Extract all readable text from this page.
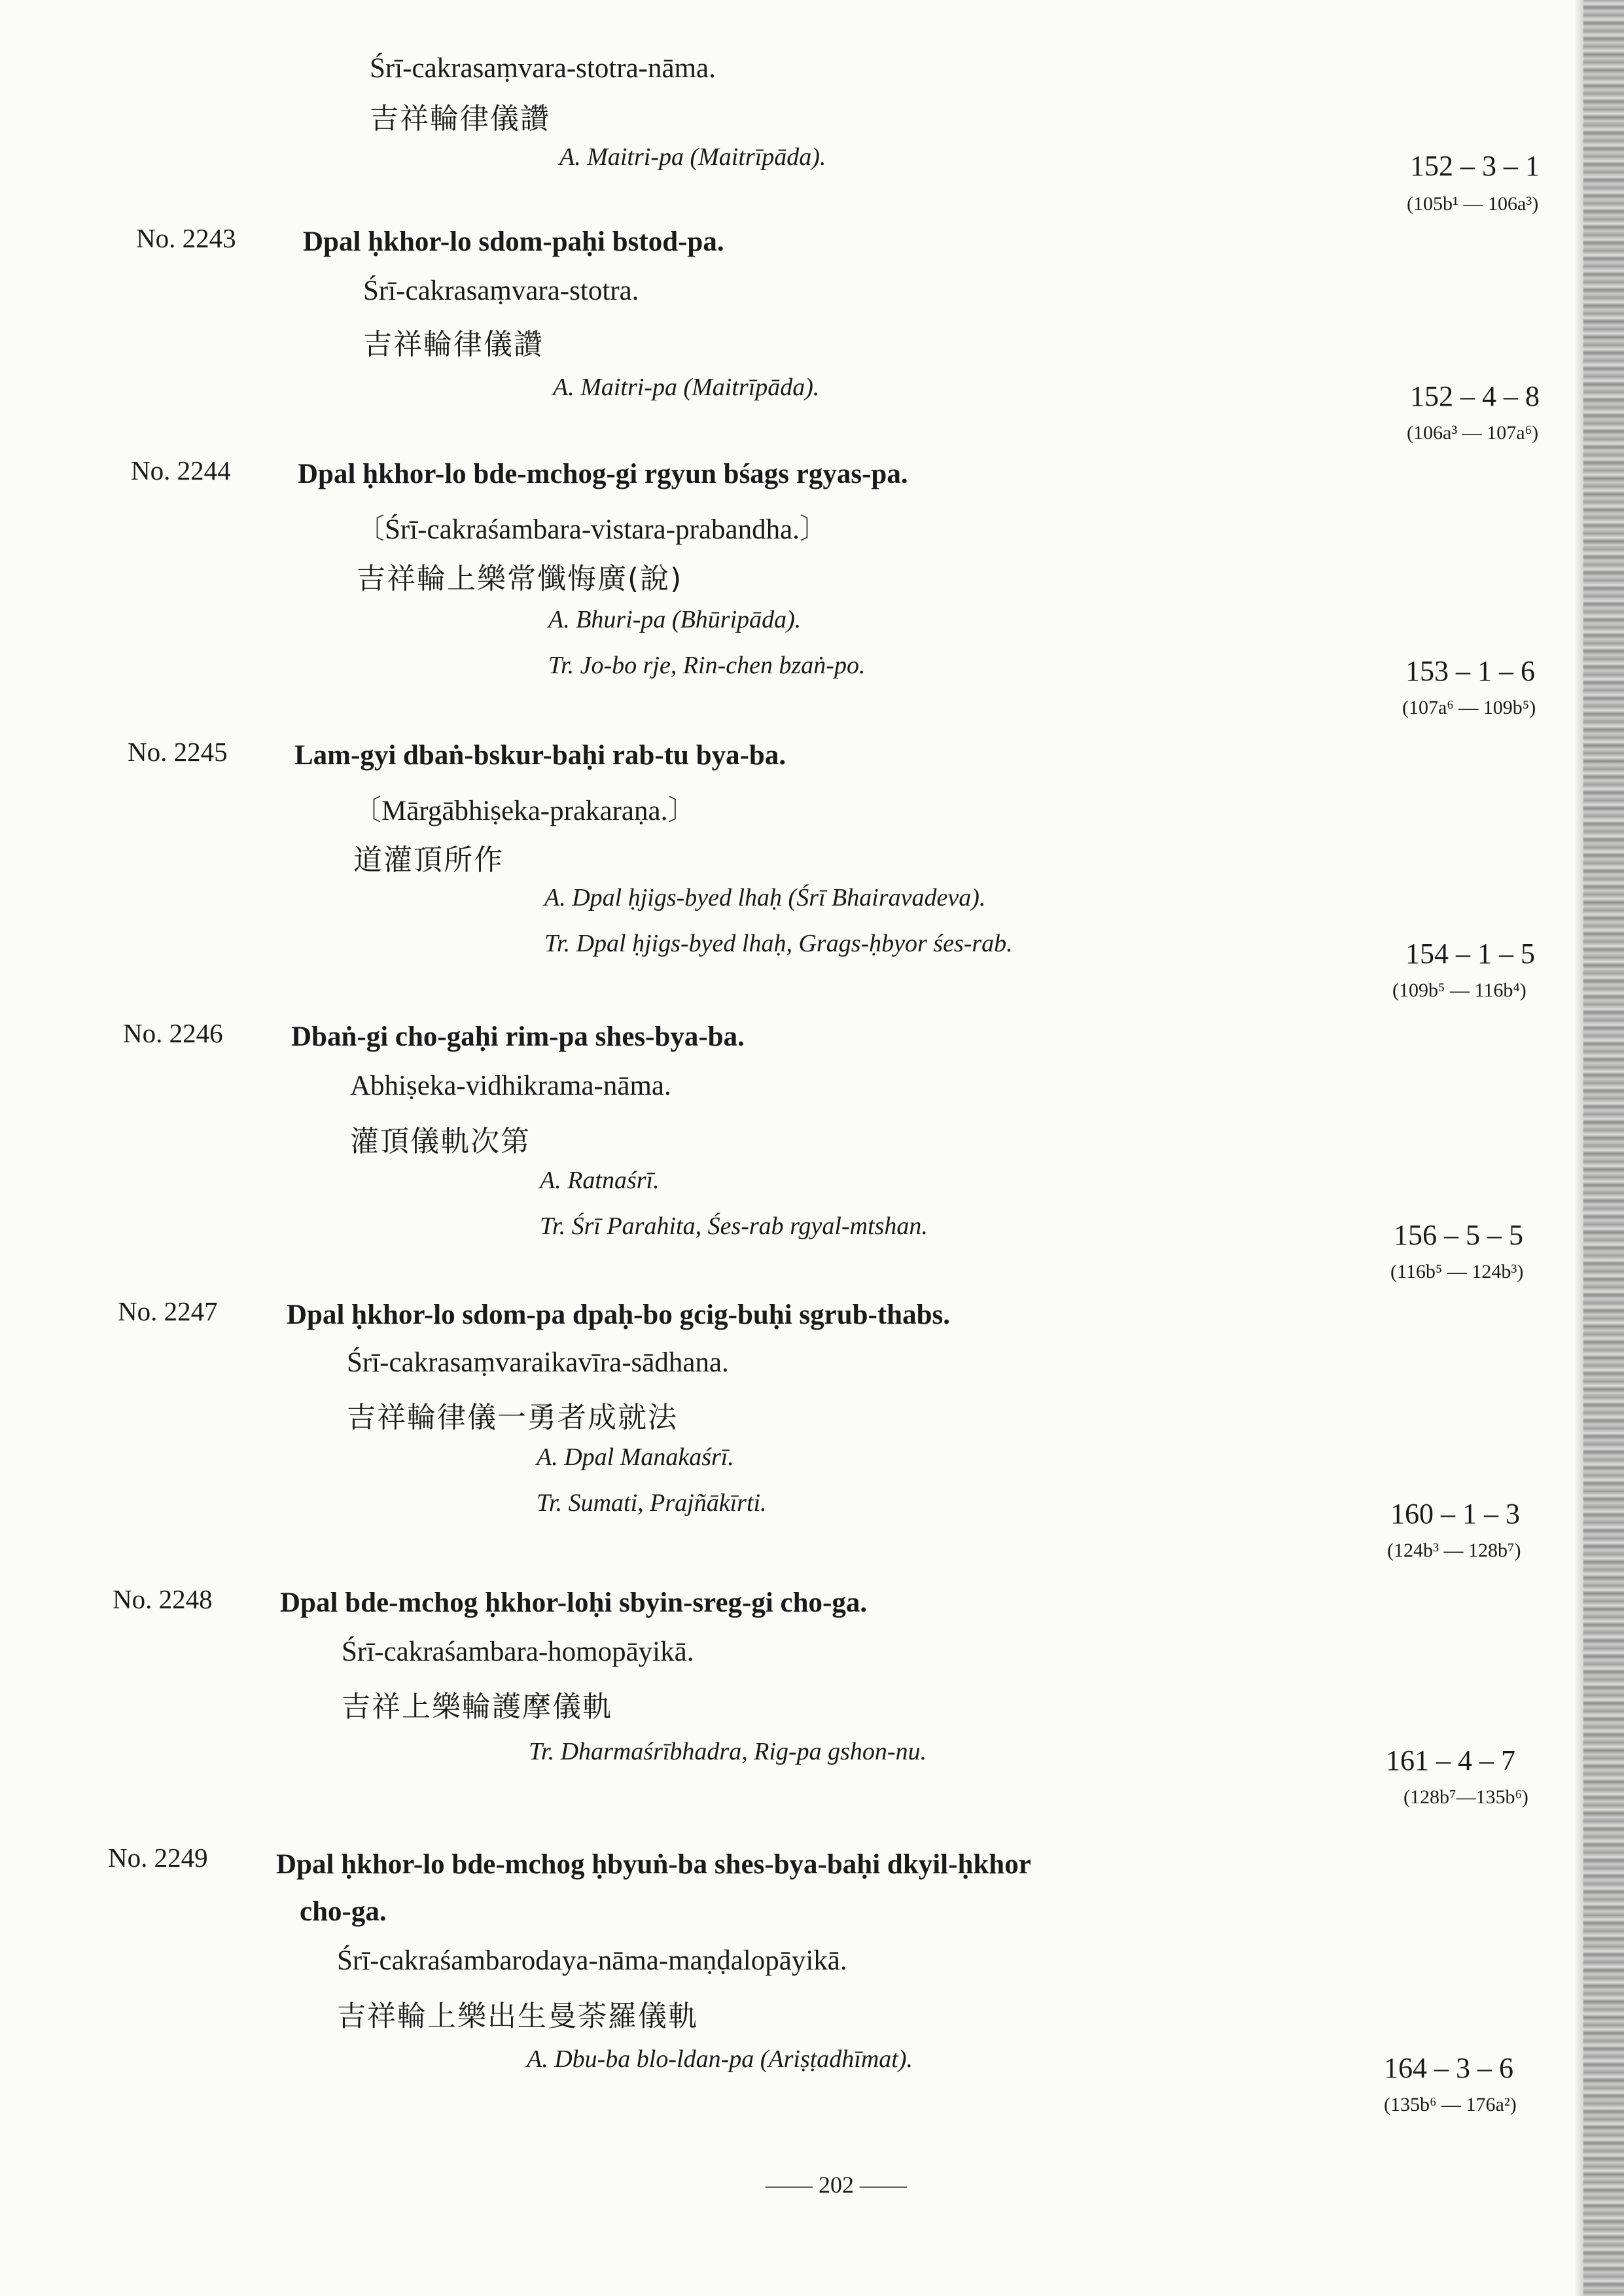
Śrī-cakrasaṃvara-stotra-nāma.
吉祥輪律儀讚
A. Maitri-pa (Maitrīpāda).	152 – 3 – 1
(105b¹ — 106a³)
No. 2243 Dpal ḥkhor-lo sdom-paḥi bstod-pa.
Śrī-cakrasaṃvara-stotra.
吉祥輪律儀讚
A. Maitri-pa (Maitrīpāda).	152 – 4 – 8
(106a³ — 107a⁶)
No. 2244 Dpal ḥkhor-lo bde-mchog-gi rgyun bśags rgyas-pa.
〔Śrī-cakraśambara-vistara-prabandha.〕
吉祥輪上樂常懺悔廣(說)
A. Bhuri-pa (Bhūripāda).
Tr. Jo-bo rje, Rin-chen bzaṅ-po.	153 – 1 – 6
(107a⁶ — 109b⁵)
No. 2245 Lam-gyi dbaṅ-bskur-baḥi rab-tu bya-ba.
〔Mārgābhiṣeka-prakaraṇa.〕
道灌頂所作
A. Dpal ḥjigs-byed lhaḥ (Śrī Bhairavadeva).
Tr. Dpal ḥjigs-byed lhaḥ, Grags-ḥbyor śes-rab.	154 – 1 – 5
(109b⁵ — 116b⁴)
No. 2246 Dbaṅ-gi cho-gaḥi rim-pa shes-bya-ba.
Abhiṣeka-vidhikrama-nāma.
灌頂儀軌次第
A. Ratnaśrī.
Tr. Śrī Parahita, Śes-rab rgyal-mtshan.	156 – 5 – 5
(116b⁵ — 124b³)
No. 2247 Dpal ḥkhor-lo sdom-pa dpaḥ-bo gcig-buḥi sgrub-thabs.
Śrī-cakrasaṃvaraikavīra-sādhana.
吉祥輪律儀一勇者成就法
A. Dpal Manakaśrī.
Tr. Sumati, Prajñākīrti.	160 – 1 – 3
(124b³ — 128b⁷)
No. 2248 Dpal bde-mchog ḥkhor-loḥi sbyin-sreg-gi cho-ga.
Śrī-cakraśambara-homopāyikā.
吉祥上樂輪護摩儀軌
Tr. Dharmaśrībhadra, Rig-pa gshon-nu.	161 – 4 – 7
(128b⁷—135b⁶)
No. 2249 Dpal ḥkhor-lo bde-mchog ḥbyuṅ-ba shes-bya-baḥi dkyil-ḥkhor
cho-ga.
Śrī-cakraśambarodaya-nāma-maṇḍalopāyikā.
吉祥輪上樂出生曼荼羅儀軌
A. Dbu-ba blo-ldan-pa (Ariṣṭadhīmat).	164 – 3 – 6
(135b⁶ — 176a²)
—— 202 ——
